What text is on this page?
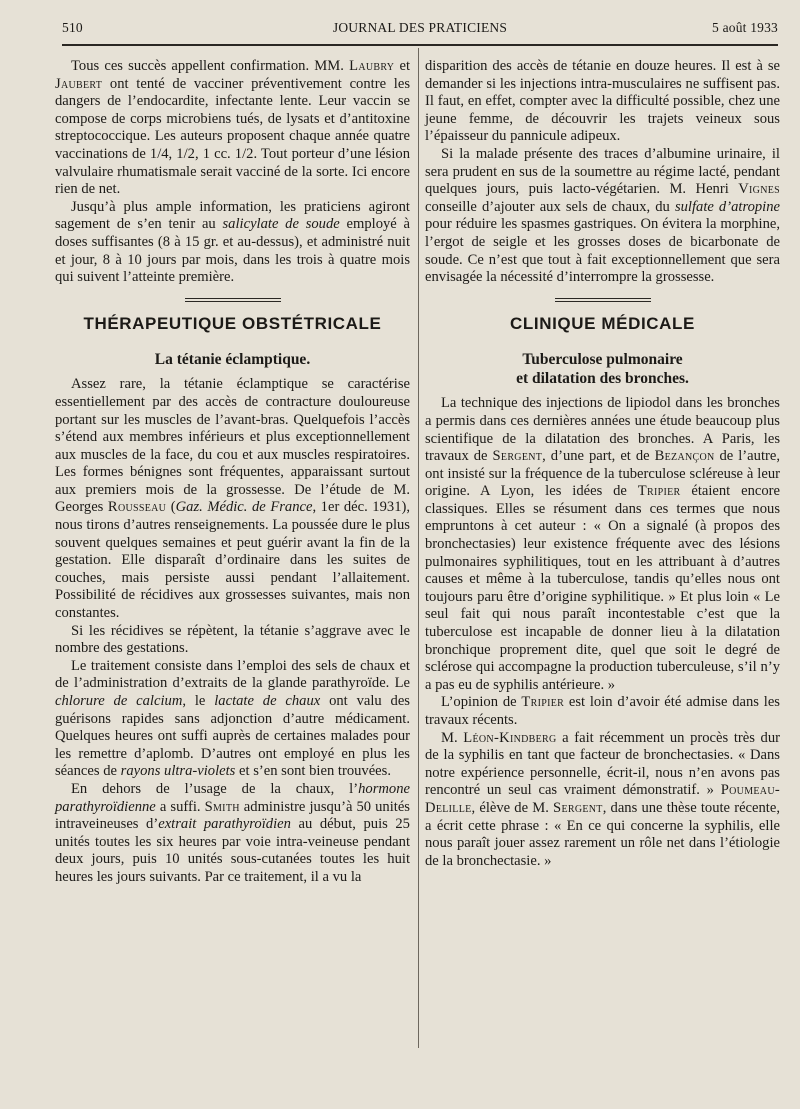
510	JOURNAL DES PRATICIENS	5 août 1933

Tous ces succès appellent confirmation. MM. Laubry et Jaubert ont tenté de vacciner préventivement contre les dangers de l’endocardite, infectante lente. Leur vaccin se compose de corps microbiens tués, de lysats et d’antitoxine streptococcique. Les auteurs proposent chaque année quatre vaccinations de 1/4, 1/2, 1 cc. 1/2. Tout porteur d’une lésion valvulaire rhumatismale serait vacciné de la sorte. Ici encore rien de net.

Jusqu’à plus ample information, les praticiens agiront sagement de s’en tenir au salicylate de soude employé à doses suffisantes (8 à 15 gr. et au-dessus), et administré nuit et jour, 8 à 10 jours par mois, dans les trois à quatre mois qui suivent l’atteinte première.

THÉRAPEUTIQUE OBSTÉTRICALE
La tétanie éclamptique.

Assez rare, la tétanie éclamptique se caractérise essentiellement par des accès de contracture douloureuse portant sur les muscles de l’avant-bras. Quelquefois l’accès s’étend aux membres inférieurs et plus exceptionnellement aux muscles de la face, du cou et aux muscles respiratoires. Les formes bénignes sont fréquentes, apparaissant surtout aux premiers mois de la grossesse. De l’étude de M. Georges Rousseau (Gaz. Médic. de France, 1er déc. 1931), nous tirons d’autres renseignements. La poussée dure le plus souvent quelques semaines et peut guérir avant la fin de la gestation. Elle disparaît d’ordinaire dans les suites de couches, mais persiste aussi pendant l’allaitement. Possibilité de récidives aux grossesses suivantes, mais non constantes.

Si les récidives se répètent, la tétanie s’aggrave avec le nombre des gestations.

Le traitement consiste dans l’emploi des sels de chaux et de l’administration d’extraits de la glande parathyroïde. Le chlorure de calcium, le lactate de chaux ont valu des guérisons rapides sans adjonction d’autre médicament. Quelques heures ont suffi auprès de certaines malades pour les remettre d’aplomb. D’autres ont employé en plus les séances de rayons ultra-violets et s’en sont bien trouvées.

En dehors de l’usage de la chaux, l’hormone parathyroïdienne a suffi. Smith administre jusqu’à 50 unités intraveineuses d’extrait parathyroïdien au début, puis 25 unités toutes les six heures par voie intra-veineuse pendant deux jours, puis 10 unités sous-cutanées toutes les huit heures les jours suivants. Par ce traitement, il a vu la

disparition des accès de tétanie en douze heures. Il est à se demander si les injections intra-musculaires ne suffisent pas. Il faut, en effet, compter avec la difficulté possible, chez une jeune femme, de découvrir les trajets veineux sous l’épaisseur du pannicule adipeux.

Si la malade présente des traces d’albumine urinaire, il sera prudent en sus de la soumettre au régime lacté, pendant quelques jours, puis lacto-végétarien. M. Henri Vignes conseille d’ajouter aux sels de chaux, du sulfate d’atropine pour réduire les spasmes gastriques. On évitera la morphine, l’ergot de seigle et les grosses doses de bicarbonate de soude. Ce n’est que tout à fait exceptionnellement que sera envisagée la nécessité d’interrompre la grossesse.

CLINIQUE MÉDICALE
Tuberculose pulmonaire
et dilatation des bronches.

La technique des injections de lipiodol dans les bronches a permis dans ces dernières années une étude beaucoup plus scientifique de la dilatation des bronches. A Paris, les travaux de Sergent, d’une part, et de Bezançon de l’autre, ont insisté sur la fréquence de la tuberculose scléreuse à leur origine. A Lyon, les idées de Tripier étaient encore classiques. Elles se résument dans ces termes que nous empruntons à cet auteur : « On a signalé (à propos des bronchectasies) leur existence fréquente avec des lésions pulmonaires syphilitiques, tout en les attribuant à d’autres causes et même à la tuberculose, tandis qu’elles nous ont toujours paru être d’origine syphilitique. » Et plus loin « Le seul fait qui nous paraît incontestable c’est que la tuberculose est incapable de donner lieu à la dilatation bronchique proprement dite, quel que soit le degré de sclérose qui accompagne la production tuberculeuse, s’il n’y a pas eu de syphilis antérieure. »

L’opinion de Tripier est loin d’avoir été admise dans les travaux récents.

M. Léon-Kindberg a fait récemment un procès très dur de la syphilis en tant que facteur de bronchectasies. « Dans notre expérience personnelle, écrit-il, nous n’en avons pas rencontré un seul cas vraiment démonstratif. » Poumeau-Delille, élève de M. Sergent, dans une thèse toute récente, a écrit cette phrase : « En ce qui concerne la syphilis, elle nous paraît jouer assez rarement un rôle net dans l’étiologie de la bronchectasie. »
